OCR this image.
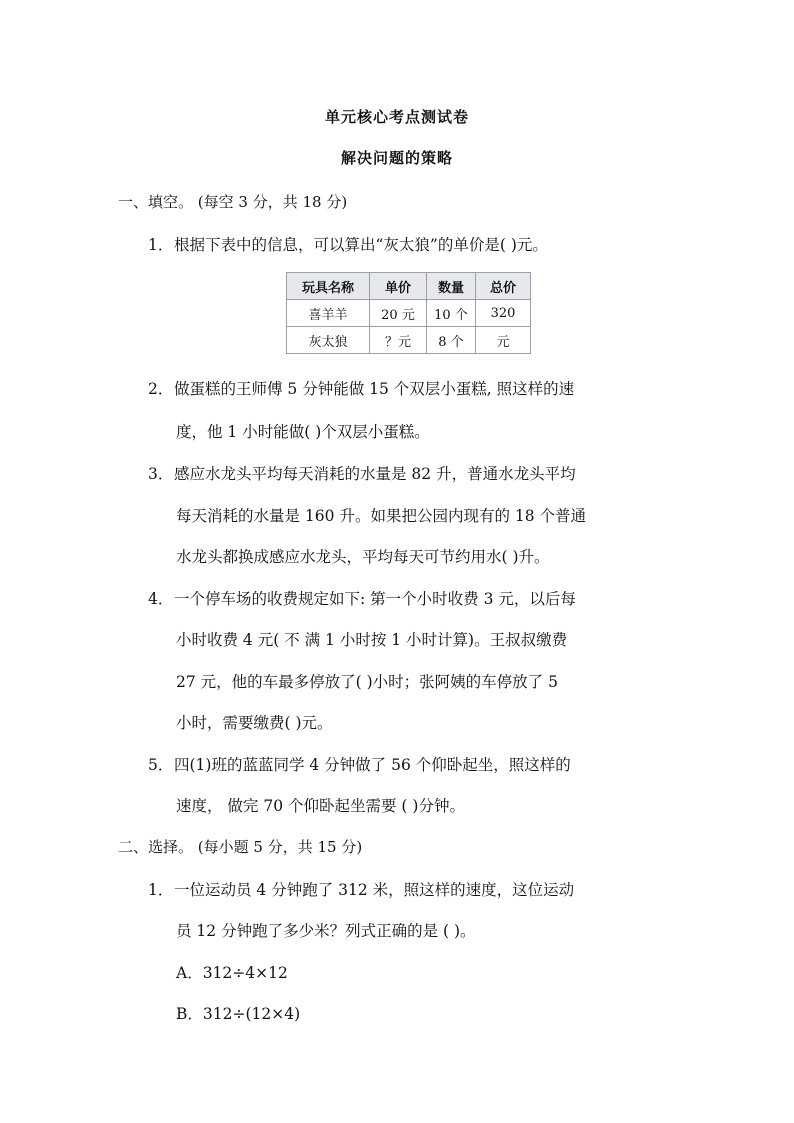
单元核心考点测试卷
解决问题的策略
一、填空。 (每空 3 分，共 18 分)
1．根据下表中的信息，可以算出“灰太狼”的单价是( )元。
玩具名称	单价	数量	总价
喜羊羊	20 元	10 个	320
灰太狼	？元	8 个	元
2．做蛋糕的王师傅 5 分钟能做 15 个双层小蛋糕, 照这样的速
度，他 1 小时能做( )个双层小蛋糕。
3．感应水龙头平均每天消耗的水量是 82 升，普通水龙头平均
每天消耗的水量是 160 升。如果把公园内现有的 18 个普通
水龙头都换成感应水龙头，平均每天可节约用水( )升。
4．一个停车场的收费规定如下: 第一个小时收费 3 元，以后每
小时收费 4 元( 不 满 1 小时按 1 小时计算)。王叔叔缴费
27 元，他的车最多停放了( )小时；张阿姨的车停放了 5
小时，需要缴费( )元。
5．四(1)班的蓝蓝同学 4 分钟做了 56 个仰卧起坐，照这样的
速度， 做完 70 个仰卧起坐需要 ( )分钟。
二、选择。 (每小题 5 分，共 15 分)
1．一位运动员 4 分钟跑了 312 米，照这样的速度，这位运动
员 12 分钟跑了多少米？列式正确的是 ( )。
A．312÷4×12
B．312÷(12×4)
